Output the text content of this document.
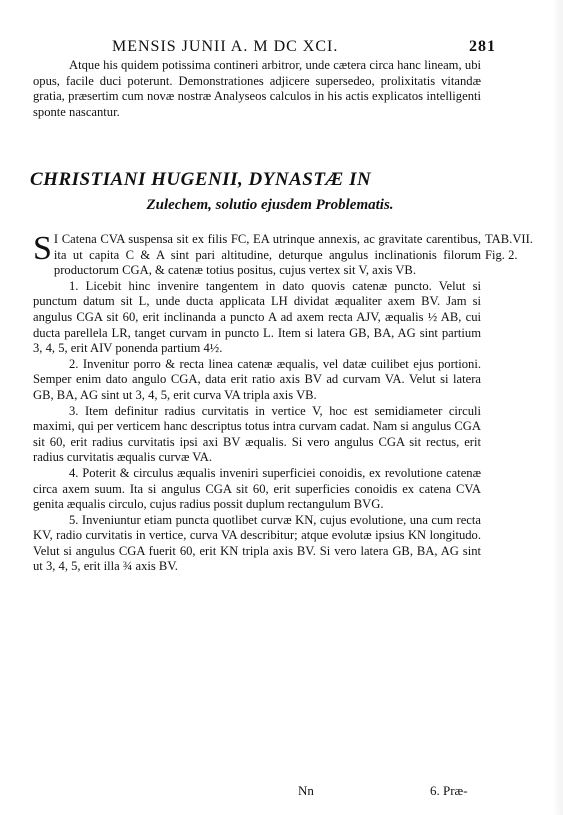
MENSIS JUNII A. M DC XCI.	281

Atque his quidem potissima contineri arbitror, unde cætera circa hanc lineam, ubi opus, facile duci poterunt. Demonstrationes adjicere supersedeo, prolixitatis vitandæ gratia, præsertim cum novæ nostræ Analyseos calculos in his actis explicatos intelligenti sponte nascantur.

CHRISTIANI HUGENII, DYNASTÆ IN
Zulechem, solutio ejusdem Problematis.
TAB.VII.
Fig. 2.

S I Catena CVA suspensa sit ex filis FC, EA utrinque annexis, ac gravitate carentibus, ita ut capita C & A sint pari altitudine, deturque angulus inclinationis filorum productorum CGA, & catenæ totius positus, cujus vertex sit V, axis VB.

1. Licebit hinc invenire tangentem in dato quovis catenæ puncto. Velut si punctum datum sit L, unde ducta applicata LH dividat æqualiter axem BV. Jam si angulus CGA sit 60, erit inclinanda a puncto A ad axem recta AJV, æqualis ½ AB, cui ducta parellela LR, tanget curvam in puncto L. Item si latera GB, BA, AG sint partium 3, 4, 5, erit AIV ponenda partium 4½.

2. Invenitur porro & recta linea catenæ æqualis, vel datæ cuilibet ejus portioni. Semper enim dato angulo CGA, data erit ratio axis BV ad curvam VA. Velut si latera GB, BA, AG sint ut 3, 4, 5, erit curva VA tripla axis VB.

3. Item definitur radius curvitatis in vertice V, hoc est semidiameter circuli maximi, qui per verticem hanc descriptus totus intra curvam cadat. Nam si angulus CGA sit 60, erit radius curvitatis ipsi axi BV æqualis. Si vero angulus CGA sit rectus, erit radius curvitatis æqualis curvæ VA.

4. Poterit & circulus æqualis inveniri superficiei conoidis, ex revolutione catenæ circa axem suum. Ita si angulus CGA sit 60, erit superficies conoidis ex catena CVA genita æqualis circulo, cujus radius possit duplum rectangulum BVG.

5. Inveniuntur etiam puncta quotlibet curvæ KN, cujus evolutione, una cum recta KV, radio curvitatis in vertice, curva VA describitur; atque evolutæ ipsius KN longitudo. Velut si angulus CGA fuerit 60, erit KN tripla axis BV. Si vero latera GB, BA, AG sint ut 3, 4, 5, erit illa ¾ axis BV.

Nn	6. Præ-
